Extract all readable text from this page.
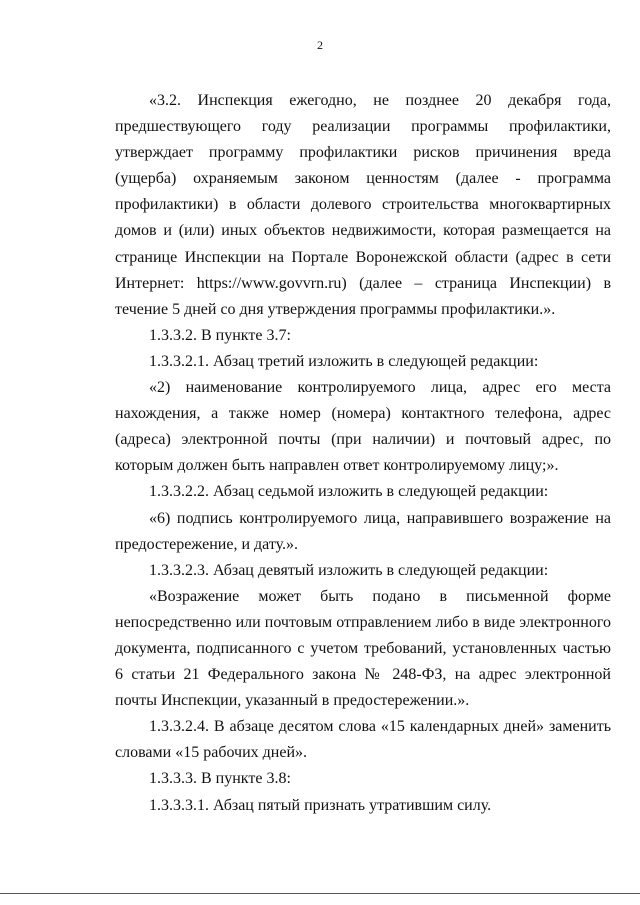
2

«3.2. Инспекция ежегодно, не позднее 20 декабря года, предшествующего году реализации программы профилактики, утверждает программу профилактики рисков причинения вреда (ущерба) охраняемым законом ценностям (далее - программа профилактики) в области долевого строительства многоквартирных домов и (или) иных объектов недвижимости, которая размещается на странице Инспекции на Портале Воронежской области (адрес в сети Интернет: https://www.govvrn.ru) (далее – страница Инспекции) в течение 5 дней со дня утверждения программы профилактики.».

1.3.3.2. В пункте 3.7:

1.3.3.2.1. Абзац третий изложить в следующей редакции:

«2) наименование контролируемого лица, адрес его места нахождения, а также номер (номера) контактного телефона, адрес (адреса) электронной почты (при наличии) и почтовый адрес, по которым должен быть направлен ответ контролируемому лицу;».

1.3.3.2.2. Абзац седьмой изложить в следующей редакции:

«6) подпись контролируемого лица, направившего возражение на предостережение, и дату.».

1.3.3.2.3. Абзац девятый изложить в следующей редакции:

«Возражение может быть подано в письменной форме непосредственно или почтовым отправлением либо в виде электронного документа, подписанного с учетом требований, установленных частью 6 статьи 21 Федерального закона № 248-ФЗ, на адрес электронной почты Инспекции, указанный в предостережении.».

1.3.3.2.4. В абзаце десятом слова «15 календарных дней» заменить словами «15 рабочих дней».

1.3.3.3. В пункте 3.8:

1.3.3.3.1. Абзац пятый признать утратившим силу.
